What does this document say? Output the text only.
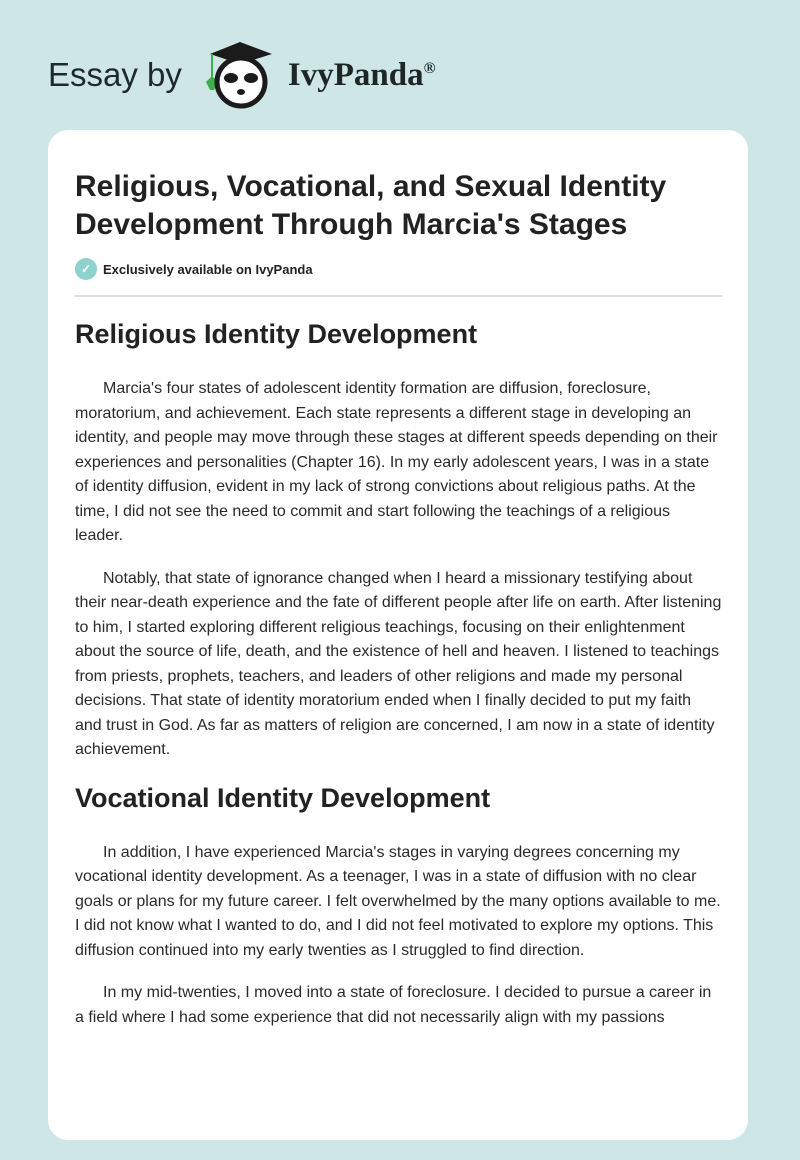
Essay by	IvyPanda®
Religious, Vocational, and Sexual Identity Development Through Marcia's Stages
✓ Exclusively available on IvyPanda
Religious Identity Development

Marcia's four states of adolescent identity formation are diffusion, foreclosure, moratorium, and achievement. Each state represents a different stage in developing an identity, and people may move through these stages at different speeds depending on their experiences and personalities (Chapter 16). In my early adolescent years, I was in a state of identity diffusion, evident in my lack of strong convictions about religious paths. At the time, I did not see the need to commit and start following the teachings of a religious leader.

Notably, that state of ignorance changed when I heard a missionary testifying about their near-death experience and the fate of different people after life on earth. After listening to him, I started exploring different religious teachings, focusing on their enlightenment about the source of life, death, and the existence of hell and heaven. I listened to teachings from priests, prophets, teachers, and leaders of other religions and made my personal decisions. That state of identity moratorium ended when I finally decided to put my faith and trust in God. As far as matters of religion are concerned, I am now in a state of identity achievement.

Vocational Identity Development

In addition, I have experienced Marcia's stages in varying degrees concerning my vocational identity development. As a teenager, I was in a state of diffusion with no clear goals or plans for my future career. I felt overwhelmed by the many options available to me. I did not know what I wanted to do, and I did not feel motivated to explore my options. This diffusion continued into my early twenties as I struggled to find direction.

In my mid-twenties, I moved into a state of foreclosure. I decided to pursue a career in a field where I had some experience that did not necessarily align with my passions
